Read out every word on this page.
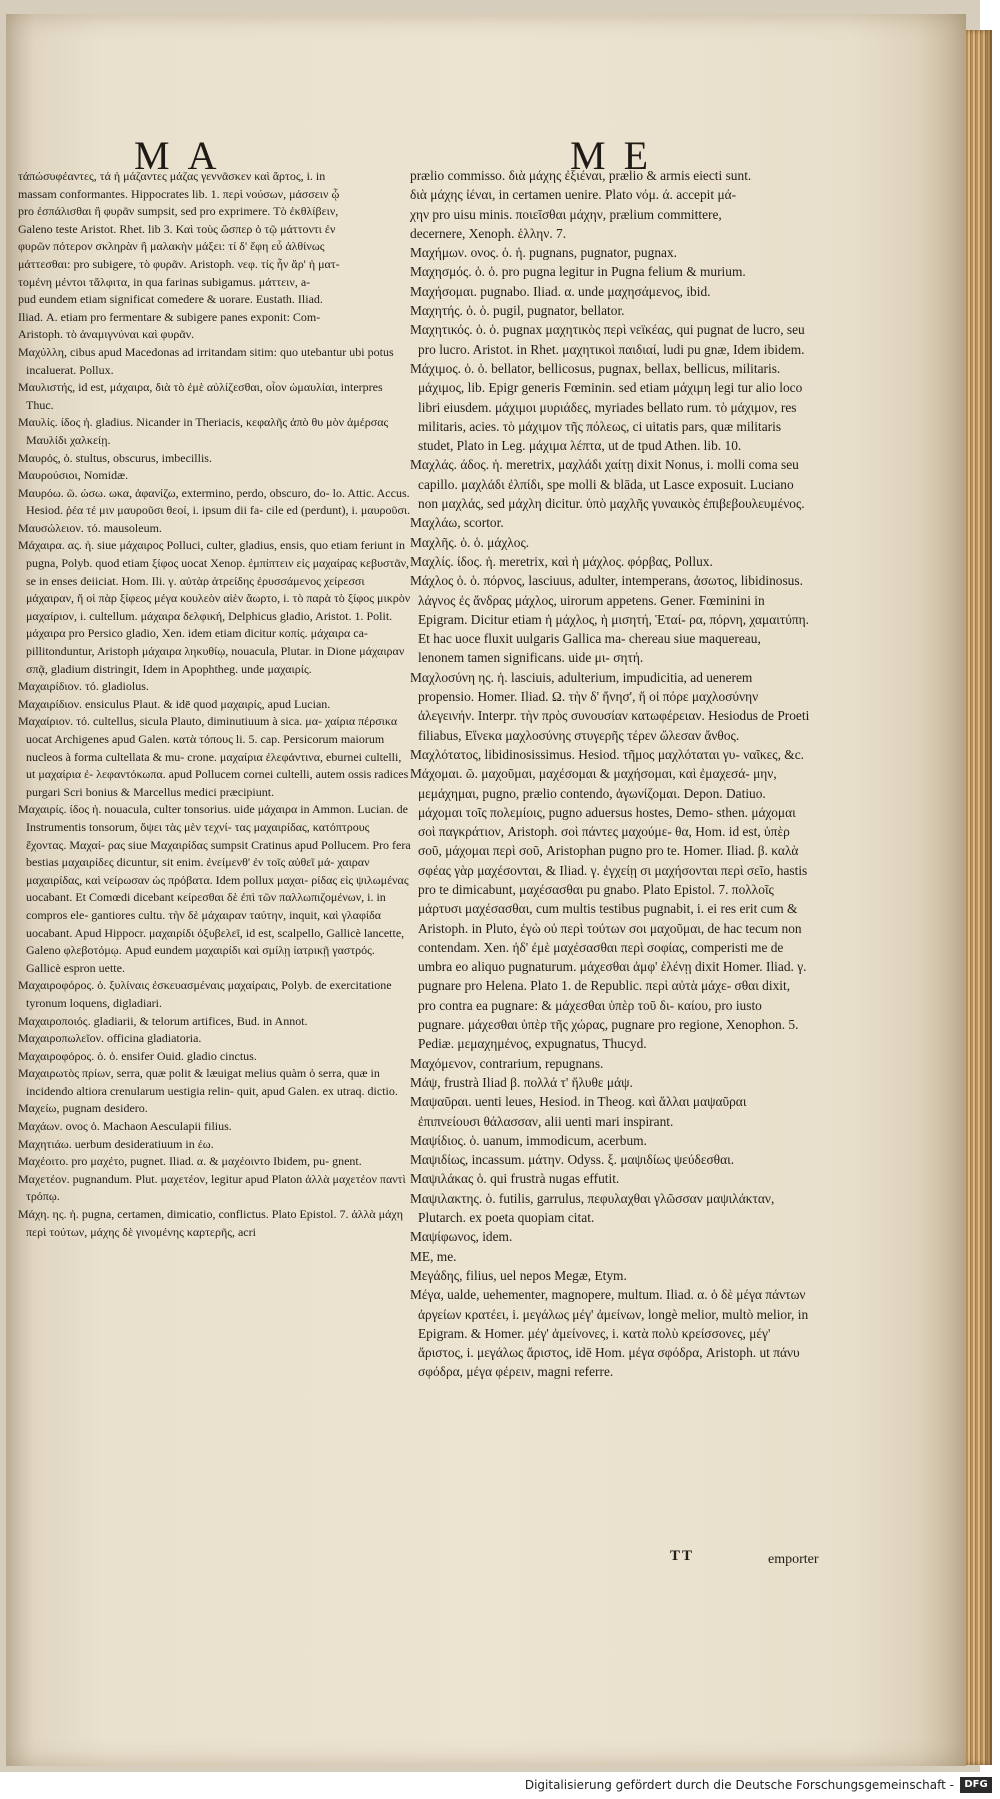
MA	ME
τάπώσυφέαντες, τά ἠ μάζαντες μάζας γεννᾶσκεν καὶ ἄρτος, i. in
massam conformantes. Hippocrates lib. 1. περὶ νούσων, μάσσειν ᾧ
pro ἐσπάλισθαι ἢ φυρᾶν sumpsit, sed pro exprimere. Τὸ ἐκθλίβειν,
Galeno teste Aristot. Rhet. lib 3. Καὶ τοὺς ὥσπερ ὁ τῷ μάττοντι ἐν
φυρῶν πότερον σκληρὰν ἢ μαλακὴν μάξει: τί δ' ἔφη εὖ ἀλθίνως
μάττεσθαι: pro subigere, τὸ φυρᾶν. Aristoph. νεφ. τίς ἦν ἄρ' ἡ ματ-
τομένη μέντοι τἄλφιτα, in qua farinas subigamus. μάττειν, a-
pud eundem etiam significat comedere & uorare. Eustath. Iliad.
Iliad. Α. etiam pro fermentare & subigere panes exponit: Com-
Aristoph. τὸ ἀναμιγνύναι καὶ φυρᾶν.
Μαχύλλη, cibus apud Macedonas ad irritandam sitim: quo utebantur ubi potus incaluerat. Pollux.
Μαυλιστής, id est, μάχαιρα, διὰ τὸ ἐμὲ αὐλίζεσθαι, οἷον ὠμαυλίαι, interpres Thuc.
Μαυλίς. ίδος ἡ. gladius. Nicander in Theriacis, κεφαλῆς ἀπὸ θυ μὸν ἀμέρσας Μαυλίδι χαλκείῃ.
Μαυρός, ὁ. stultus, obscurus, imbecillis.
Μαυρούσιοι, Nomidæ.
Μαυρόω. ῶ. ώσω. ωκα, ἀφανίζω, extermino, perdo, obscuro, do- lo. Attic. Accus. Hesiod. ῥέα τέ μιν μαυροῦσι θεοί, i. ipsum dii fa- cile ed (perdunt), i. μαυροῦσι.
Μαυσώλειον. τό. mausoleum.
Μάχαιρα. ας. ἡ. siue μάχαιρος Polluci, culter, gladius, ensis, quo etiam feriunt in pugna, Polyb. quod etiam ξίφος uocat Xenop. ἐμπίπτειν εἰς μαχαίρας κεβυστᾶν, se in enses deiiciat. Hom. Ili. γ. αὐτὰρ ἀτρείδης ἐρυσσάμενος χείρεσσι μάχαιραν, ἥ οἱ πὰρ ξίφεος μέγα κουλεὸν αἰὲν ἄωρτο, i. τὸ παρὰ τὸ ξίφος μικρὸν μαχαίριον, i. cultellum. μάχαιρα δελφική, Delphicus gladio, Aristot. 1. Polit. μάχαιρα pro Persico gladio, Xen. idem etiam dicitur κοπίς. μάχαιρα ca- pillitonduntur, Aristoph μάχαιρα ληκυθίῳ, nouacula, Plutar. in Dione μάχαιραν σπᾷ, gladium distringit, Idem in Apophtheg. unde μαχαιρίς.
Μαχαιρίδιον. τό. gladiolus.
Μαχαιρίδιον. ensiculus Plaut. & idē quod μαχαιρίς, apud Lucian.
Μαχαίριον. τό. cultellus, sicula Plauto, diminutiuum à sica. μα- χαίρια πέρσικα uocat Archigenes apud Galen. κατὰ τόπους li. 5. cap. Persicorum maiorum nucleos à forma cultellata & mu- crone. μαχαίρια ἐλεφάντινα, eburnei cultelli, ut μαχαίρια ἐ- λεφαντόκωπα. apud Pollucem cornei cultelli, autem ossis radices purgari Scri bonius & Marcellus medici præcipiunt.
Μαχαιρίς. ίδος ἡ. nouacula, culter tonsorius. uide μάχαιρα in Ammon. Lucian. de Instrumentis tonsorum, ὄψει τὰς μὲν τεχνί- τας μαχαιρίδας, κατόπτρους ἔχοντας. Μαχαί- ρας siue Μαχαιρίδας sumpsit Cratinus apud Pollucem. Pro fera bestias μαχαιρίδες dicuntur, sit enim. ἐνείμενθ' ἐν τοῖς αὐθεῖ μά- χαιραν μαχαιρίδας, καὶ νείρωσαν ὡς πρόβατα. Idem pollux μαχαι- ρίδας εἰς ψιλωμένας uocabant. Et Comœdi dicebant κείρεσθαι δὲ ἐπὶ τῶν παλλωπιζομένων, i. in compros ele- gantiores cultu. τὴν δὲ μάχαιραν ταύτην, inquit, καὶ γλαφίδα uocabant. Apud Hippocr. μαχαιρίδι ὀξυβελεῖ, id est, scalpello, Gallicè lancette, Galeno φλεβοτόμῳ. Apud eundem μαχαιρίδι καὶ σμίλῃ ἰατρικῇ γαστρός. Gallicè espron uette.
Μαχαιροφόρος. ὁ. ξυλίναις ἐσκευασμέναις μαχαίραις, Polyb. de exercitatione tyronum loquens, digladiari.
Μαχαιροποιός. gladiarii, & telorum artifices, Bud. in Annot.
Μαχαιροπωλεῖον. officina gladiatoria.
Μαχαιροφόρος. ὁ. ὁ. ensifer Ouid. gladio cinctus.
Μαχαιρωτὸς πρίων, serra, quæ polit & læuigat melius quàm ὁ serra, quæ in incidendo altiora crenularum uestigia relin- quit, apud Galen. ex utraq. dictio.
Μαχείω, pugnam desidero.
Μαχάων. ονος ὁ. Machaon Aesculapii filius.
Μαχητιάω. uerbum desideratiuum in έω.
Μαχέοιτο. pro μαχέτο, pugnet. Iliad. α. & μαχέοιντο Ibidem, pu- gnent.
Μαχετέον. pugnandum. Plut. μαχετέον, legitur apud Platon ἀλλὰ μαχετέον παντὶ τρόπῳ.
Μάχη. ης. ἡ. pugna, certamen, dimicatio, conflictus. Plato Epistol. 7. ἀλλὰ μάχη περὶ τούτων, μάχης δὲ γινομένης καρτερῆς, acri
prælio commisso. διὰ μάχης ἐξιέναι, prælio & armis eiecti sunt.
διὰ μάχης ἰέναι, in certamen uenire. Plato νόμ. ά. accepit μά-
χην pro uisu minis. ποιεῖσθαι μάχην, prælium committere,
decernere, Xenoph. ἑλλην. 7.
Μαχήμων. ονος. ὁ. ἡ. pugnans, pugnator, pugnax.
Μαχησμός. ὁ. ὁ. pro pugna legitur in Pugna felium & murium.
Μαχήσομαι. pugnabo. Iliad. α. unde μαχησάμενος, ibid.
Μαχητής. ὁ. ὁ. pugil, pugnator, bellator.
Μαχητικός. ὁ. ὁ. pugnax μαχητικὸς περὶ νεϊκέας, qui pugnat de lucro, seu pro lucro. Aristot. in Rhet. μαχητικοὶ παιδιαί, ludi pu gnæ, Idem ibidem.
Μάχιμος. ὁ. ὁ. bellator, bellicosus, pugnax, bellax, bellicus, militaris. μάχιμος, lib. Epigr generis Fœminin. sed etiam μάχιμη legi tur alio loco libri eiusdem. μάχιμοι μυριάδες, myriades bellato rum. τὸ μάχιμον, res militaris, acies. τὸ μάχιμον τῆς πόλεως, ci uitatis pars, quæ militaris studet, Plato in Leg. μάχιμα λέπτα, ut de tpud Athen. lib. 10.
Μαχλάς. άδος. ἡ. meretrix, μαχλάδι χαίτῃ dixit Nonus, i. molli coma seu capillo. μαχλάδι ἐλπίδι, spe molli & blāda, ut Lasce exposuit. Luciano non μαχλάς, sed μάχλη dicitur. ὑπὸ μαχλῆς γυναικὸς ἐπιβεβουλευμένος.
Μαχλάω, scortor.
Μαχλῆς. ὁ. ὁ. μάχλος.
Μαχλίς. ίδος. ἡ. meretrix, καὶ ἡ μάχλος. φόρβας, Pollux.
Μάχλος ὁ. ὁ. πόρνος, lasciuus, adulter, intemperans, ἀσωτος, libidinosus. λάγνος ἐς ἄνδρας μάχλος, uirorum appetens. Gener. Fœminini in Epigram. Dicitur etiam ἡ μάχλος, ἡ μισητή, Ἑταί- ρα, πόρνη, χαμαιτύπη. Et hac uoce fluxit uulgaris Gallica ma- chereau siue maquereau, lenonem tamen significans. uide μι- σητή.
Μαχλοσύνη ης. ἡ. lasciuis, adulterium, impudicitia, ad uenerem propensio. Homer. Iliad. Ω. τὴν δ' ἤνησ', ἥ οἱ πόρε μαχλοσύνην ἀλεγεινήν. Interpr. τὴν πρὸς συνουσίαν κατωφέρειαν. Hesiodus de Proeti filiabus, Εἵνεκα μαχλοσύνης στυγερῆς τέρεν ὤλεσαν ἄνθος.
Μαχλότατος, libidinosissimus. Hesiod. τῆμος μαχλόταται γυ- ναῖκες, &c.
Μάχομαι. ῶ. μαχοῦμαι, μαχέσομαι & μαχήσομαι, καὶ ἐμαχεσά- μην, μεμάχημαι, pugno, prælio contendo, ἀγωνίζομαι. Depon. Datiuo. μάχομαι τοῖς πολεμίοις, pugno aduersus hostes, Demo- sthen. μάχομαι σοὶ παγκράτιον, Aristoph. σοὶ πάντες μαχούμε- θα, Hom. id est, ὑπὲρ σοῦ, μάχομαι περὶ σοῦ, Aristophan pugno pro te. Homer. Iliad. β. καλὰ σφέας γὰρ μαχέσονται, & Iliad. γ. ἐγχείῃ σι μαχήσονται περὶ σεῖο, hastis pro te dimicabunt, μαχέσασθαι pu gnabo. Plato Epistol. 7. πολλοῖς μάρτυσι μαχέσασθαι, cum multis testibus pugnabit, i. ei res erit cum & Aristoph. in Pluto, ἐγὼ οὐ περὶ τούτων σοι μαχοῦμαι, de hac tecum non contendam. Xen. ἠδ' ἐμὲ μαχέσασθαι περὶ σοφίας, comperisti me de umbra eo aliquo pugnaturum. μάχεσθαι ἀμφ' ἑλένῃ dixit Homer. Iliad. γ. pugnare pro Helena. Plato 1. de Republic. περὶ αὐτὰ μάχε- σθαι dixit, pro contra ea pugnare: & μάχεσθαι ὑπὲρ τοῦ δι- καίου, pro iusto pugnare. μάχεσθαι ὑπὲρ τῆς χώρας, pugnare pro regione, Xenophon. 5. Pediæ. μεμαχημένος, expugnatus, Thucyd.
Μαχόμενον, contrarium, repugnans.
Μάψ, frustrà Iliad β. πολλά τ' ἤλυθε μάψ.
Μαψαῦραι. uenti leues, Hesiod. in Theog. καὶ ἄλλαι μαψαῦραι ἐπιπνείουσι θάλασσαν, alii uenti mari inspirant.
Μαψίδιος. ὁ. uanum, immodicum, acerbum.
Μαψιδίως, incassum. μάτην. Odyss. ξ. μαψιδίως ψεύδεσθαι.
Μαψιλάκας ὁ. qui frustrà nugas effutit.
Μαψιλακτης. ὁ. futilis, garrulus, πεφυλαχθαι γλῶσσαν μαψιλάκταν, Plutarch. ex poeta quopiam citat.
Μαψίφωνος, idem.
ΜΕ, me.
Μεγάδης, filius, uel nepos Megæ, Etym.
Μέγα, ualde, uehementer, magnopere, multum. Iliad. α. ὁ δὲ μέγα πάντων ἀργείων κρατέει, i. μεγάλως μέγ' ἀμείνων, longè melior, multò melior, in Epigram. & Homer. μέγ' ἀμείνονες, i. κατὰ πολὺ κρείσσονες, μέγ' ἄριστος, i. μεγάλως ἄριστος, idē Hom. μέγα σφόδρα, Aristoph. ut πάνυ σφόδρα, μέγα φέρειν, magni referre.
TT	emporter
Digitalisierung gefördert durch die Deutsche Forschungsgemeinschaft -	DFG
